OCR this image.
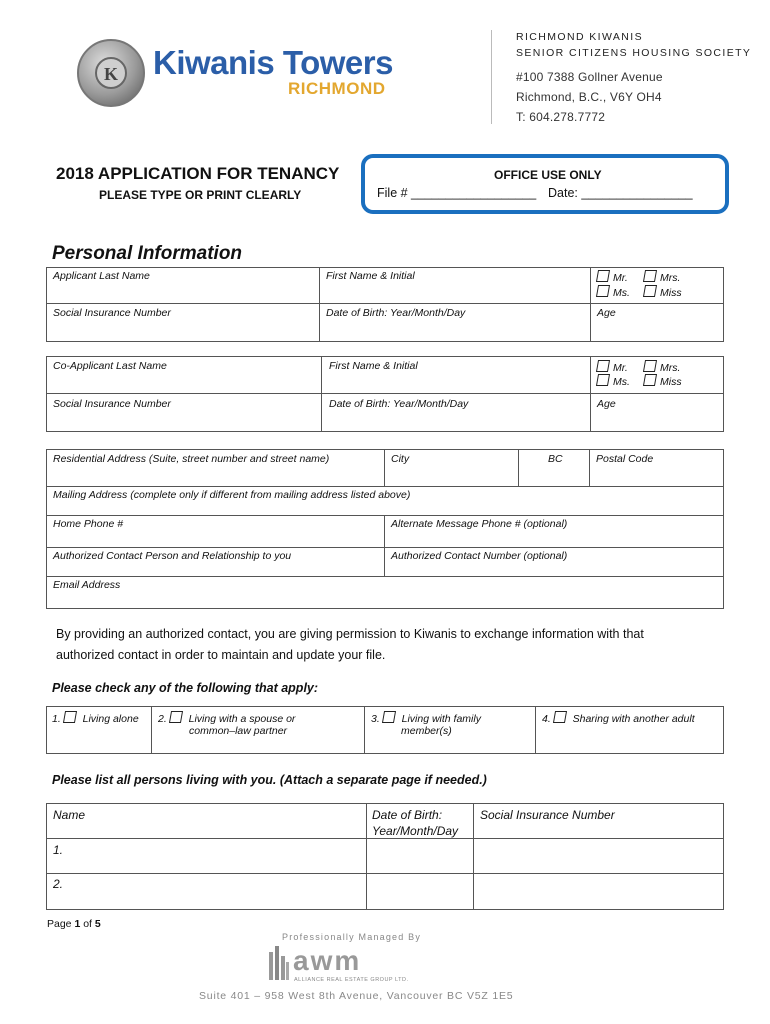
K Kiwanis Towers
RICHMOND
RICHMOND KIWANIS
SENIOR CITIZENS HOUSING SOCIETY
#100 7388 Gollner Avenue
Richmond, B.C., V6Y OH4
T: 604.278.7772
2018 APPLICATION FOR TENANCY
PLEASE TYPE OR PRINT CLEARLY
OFFICE USE ONLY
File # __________________ Date: ________________
Personal Information
Applicant Last Name	First Name & Initial	Mr.	Mrs.
Ms.	Miss
Social Insurance Number	Date of Birth: Year/Month/Day	Age
Co-Applicant Last Name	First Name & Initial	Mr.	Mrs.
Ms.	Miss
Social Insurance Number	Date of Birth: Year/Month/Day	Age
Residential Address (Suite, street number and street name)	City	BC	Postal Code
Mailing Address (complete only if different from mailing address listed above)
Home Phone #	Alternate Message Phone # (optional)
Authorized Contact Person and Relationship to you	Authorized Contact Number (optional)
Email Address
By providing an authorized contact, you are giving permission to Kiwanis to exchange information with that
authorized contact in order to maintain and update your file.
Please check any of the following that apply:
1. Living alone 2. Living with a spouse or
common–law partner
3. Living with family
member(s)
4. Sharing with another adult
Please list all persons living with you. (Attach a separate page if needed.)
Name	Date of Birth:
Year/Month/Day
Social Insurance Number
1.
2.
Page 1 of 5
Professionally Managed By
awm
ALLIANCE REAL ESTATE GROUP LTD.
Suite 401 – 958 West 8th Avenue, Vancouver BC V5Z 1E5
